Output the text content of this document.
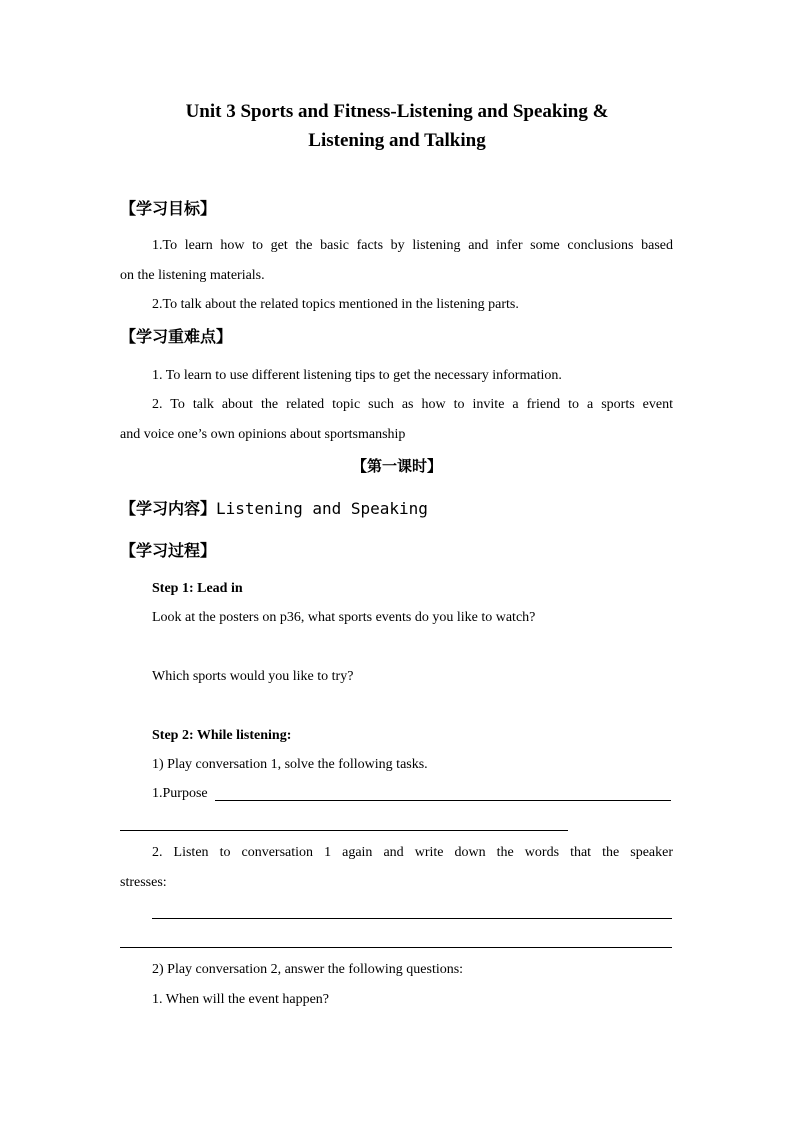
Unit 3 Sports and Fitness-Listening and Speaking &
Listening and Talking
【学习目标】
1.To learn how to get the basic facts by listening and infer some conclusions based
on the listening materials.
2.To talk about the related topics mentioned in the listening parts.
【学习重难点】
1. To learn to use different listening tips to get the necessary information.
2. To talk about the related topic such as how to invite a friend to a sports event
and voice one’s own opinions about sportsmanship
【第一课时】
【学习内容】Listening and Speaking
【学习过程】
Step 1: Lead in
Look at the posters on p36, what sports events do you like to watch?
Which sports would you like to try?
Step 2: While listening:
1) Play conversation 1, solve the following tasks.
1.Purpose
2. Listen to conversation 1 again and write down the words that the speaker
stresses:
2) Play conversation 2, answer the following questions:
1. When will the event happen?
